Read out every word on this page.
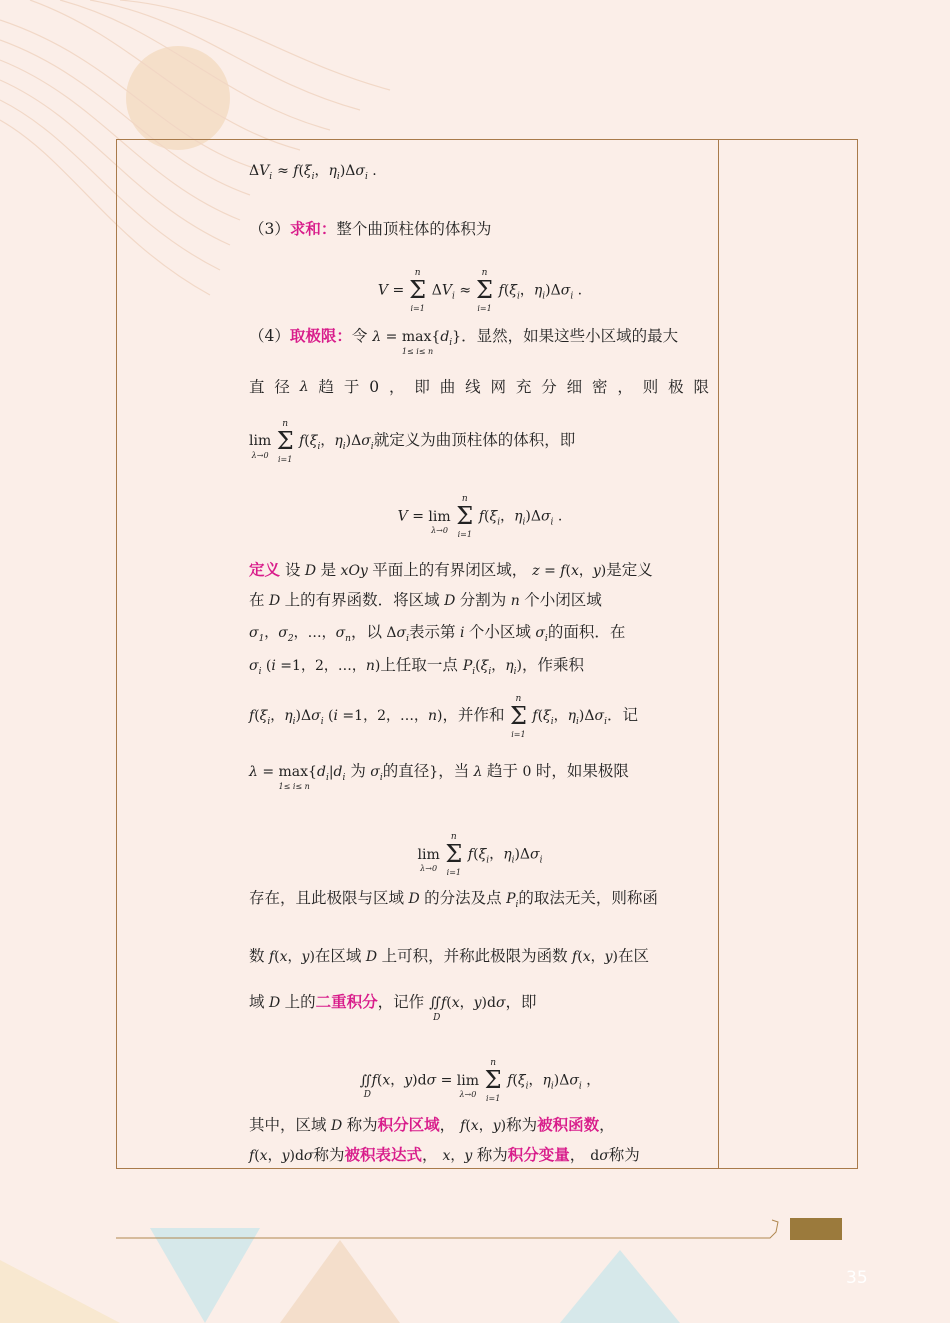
35
$\Delta V_i \approx f(\xi_i$，$\eta_i)\Delta\sigma_i$ .
（3）求和：整个曲顶柱体的体积为
V =
n
Σ
i=1
$\Delta V_i$ ≈
n
Σ
i=1
$f(\xi_i$，$\eta_i)\Delta\sigma_i$ .
（4）取极限：令 λ = max
1≤ i≤ n
$\{d_i\}$．显然，如果这些小区域的最大
直 径 λ 趋 于 0 ， 即 曲 线 网 充 分 细 密 ， 则 极 限
lim
λ→0

n
Σ
i=1
$f(\xi_i$，$\eta_i)\Delta\sigma_i$就定义为曲顶柱体的体积，即
V = lim
λ→0

n
Σ
i=1
$f(\xi_i$，$\eta_i)\Delta\sigma_i$ .
定义 设 D 是 xOy 平面上的有界闭区域， z = f(x，y)是定义
在 D 上的有界函数．将区域 D 分割为 n 个小闭区域
$\sigma_1$，$\sigma_2$，…，$\sigma_n$，以 $\Delta\sigma_i$表示第 i 个小区域 $\sigma_i$的面积．在
$\sigma_i$ (i =1，2，…，n)上任取一点 $P_i(\xi_i$，$\eta_i$)，作乘积
$f(\xi_i$，$\eta_i)\Delta\sigma_i$ (i =1，2，…，n)，并作和
n
Σ
i=1
$f(\xi_i$，$\eta_i)\Delta\sigma_i$．记
λ = max
1≤ i≤ n
{$d_i|d_i$ 为 $\sigma_i$的直径}，当 λ 趋于 0 时，如果极限
lim
λ→0

n
Σ
i=1
$f(\xi_i$，$\eta_i)\Delta\sigma_i$
存在，且此极限与区域 D 的分法及点 $P_i$的取法无关，则称函
数 f(x，y)在区域 D 上可积，并称此极限为函数 f(x，y)在区
域 D 上的二重积分，记作 ∬
D
f(x，y)dσ，即
∬
D
f(x，y)dσ = lim
λ→0

n
Σ
i=1
$f(\xi_i$，$\eta_i)\Delta\sigma_i$ ，
其中，区域 D 称为积分区域， f(x，y)称为被积函数，
f(x，y)dσ称为被积表达式， x，y 称为积分变量， dσ称为
